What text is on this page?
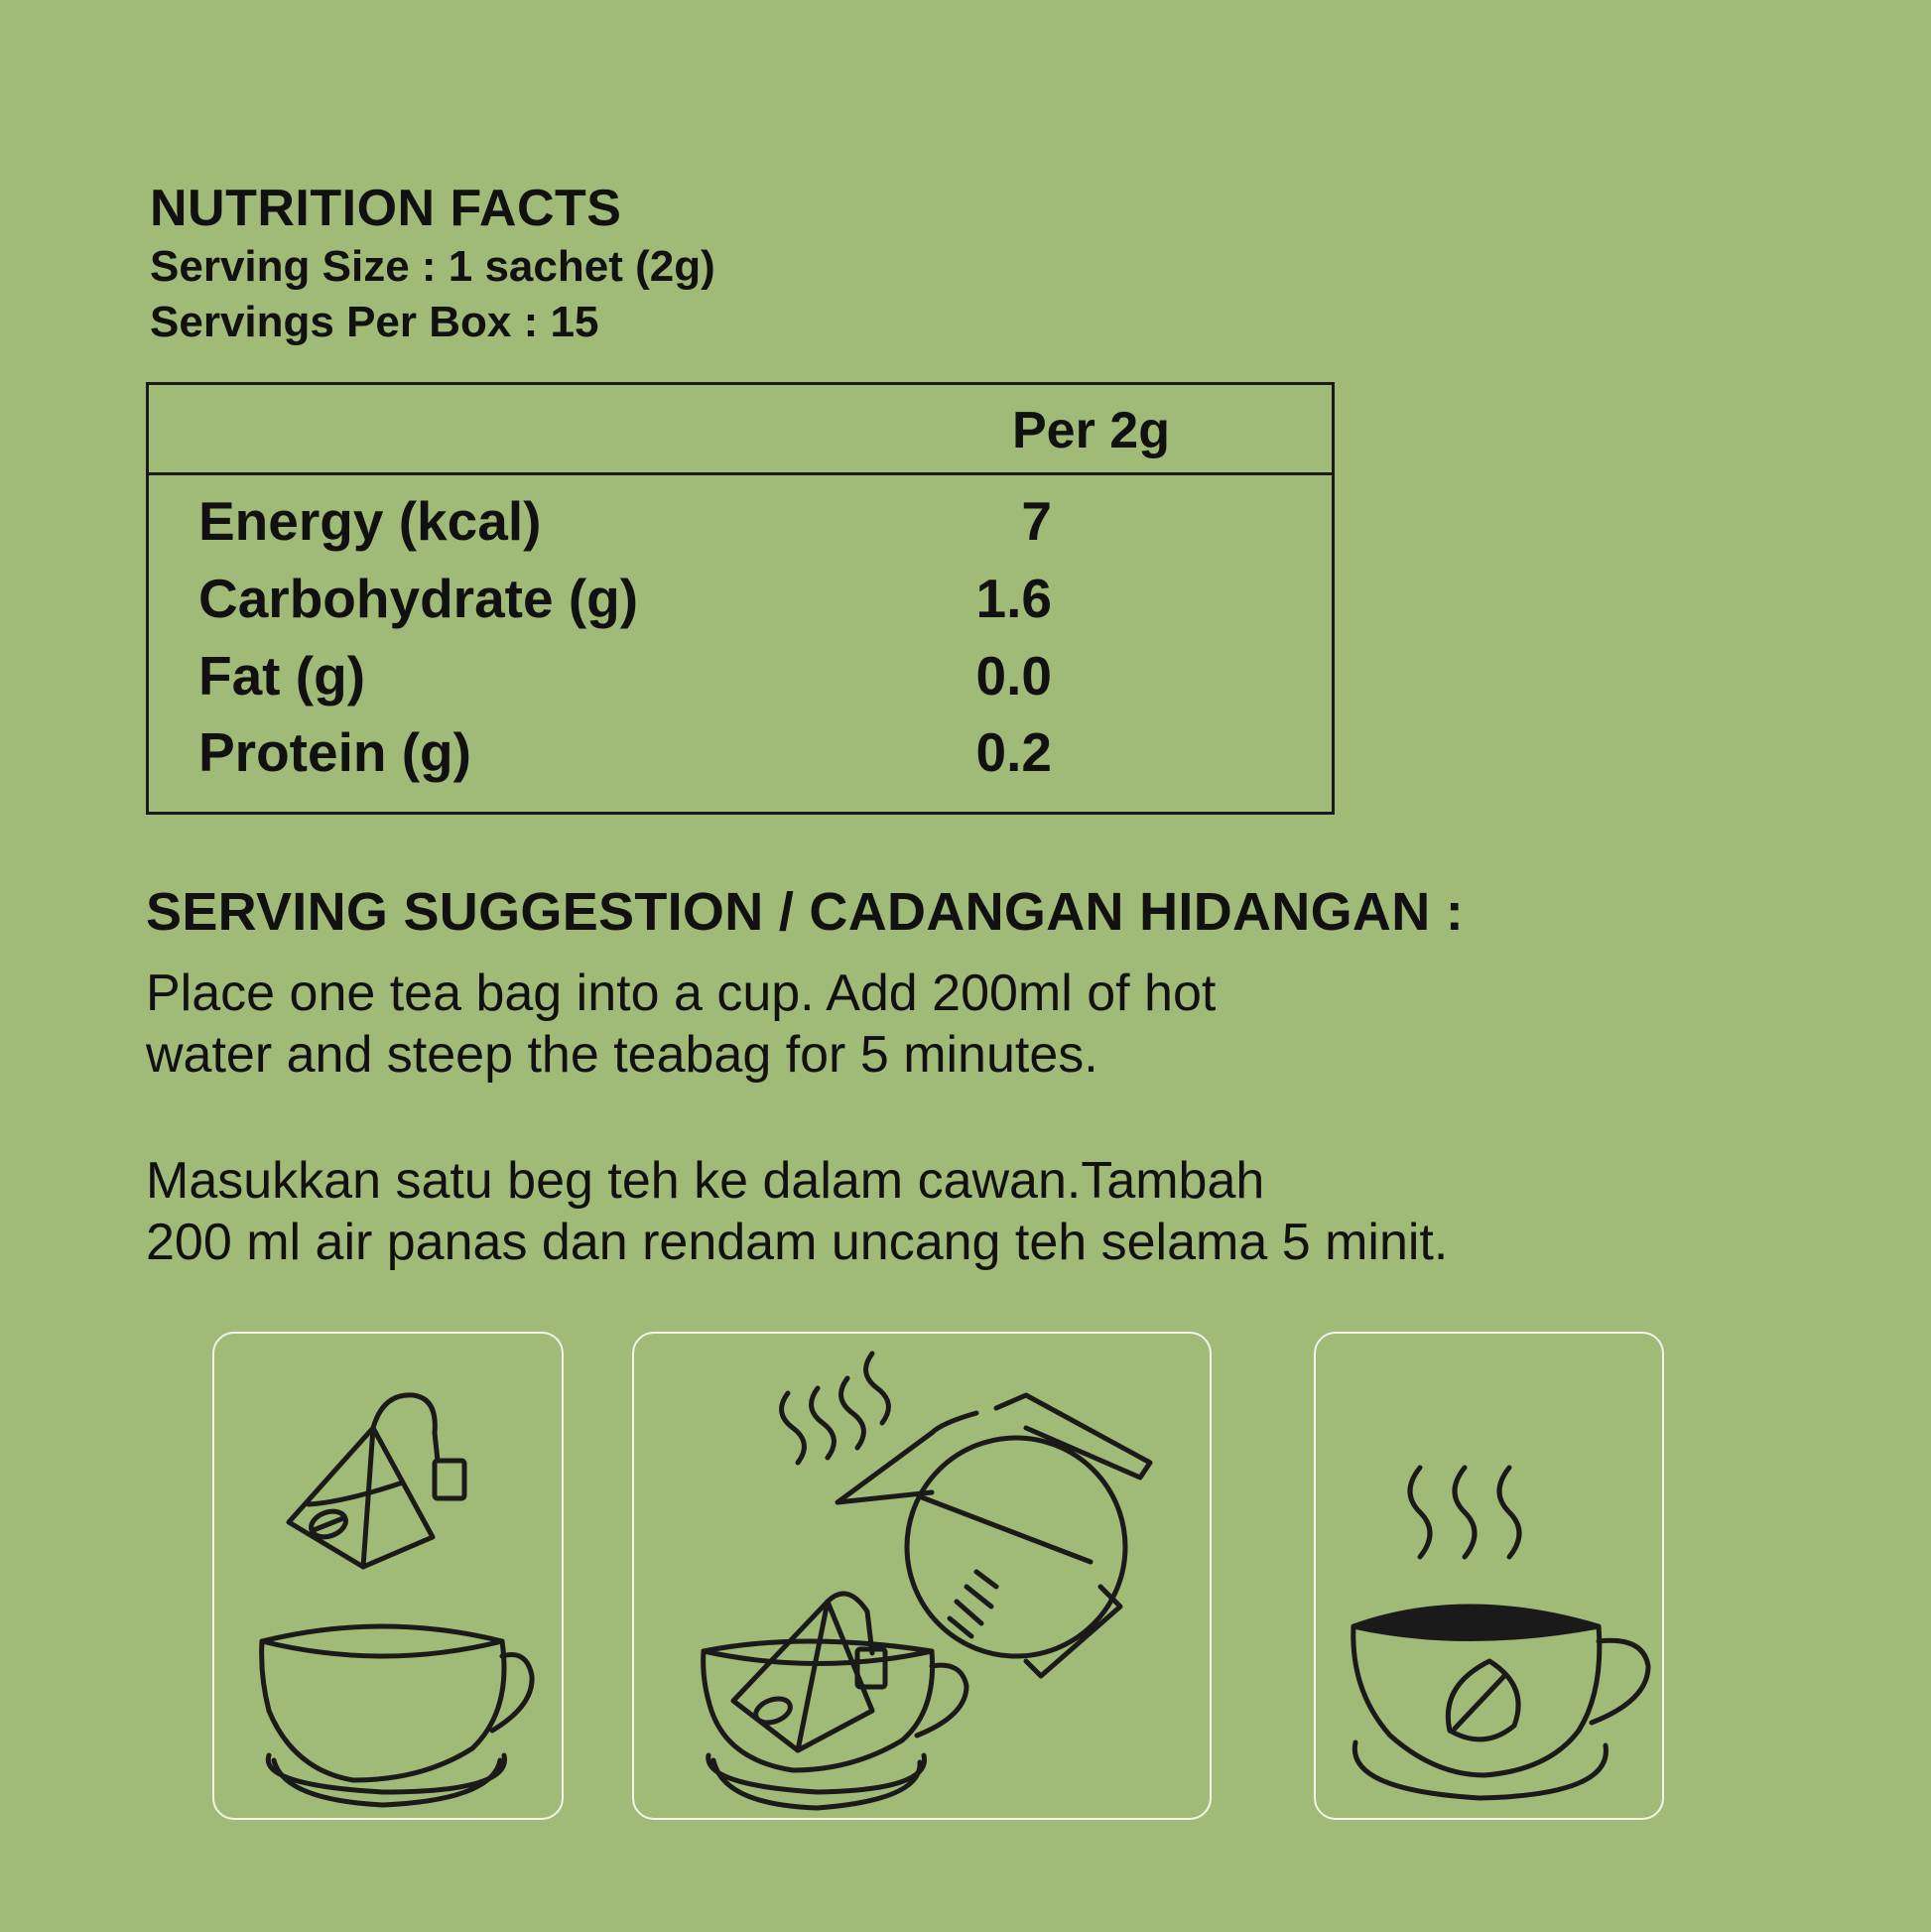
NUTRITION FACTS
Serving Size : 1 sachet (2g)
Servings Per Box : 15
Per 2g
Energy (kcal)	7
Carbohydrate (g)	1.6
Fat (g)	0.0
Protein (g)	0.2
SERVING SUGGESTION / CADANGAN HIDANGAN :
Place one tea bag into a cup. Add 200ml of hot
water and steep the teabag for 5 minutes.
Masukkan satu beg teh ke dalam cawan.Tambah
200 ml air panas dan rendam uncang teh selama 5 minit.
